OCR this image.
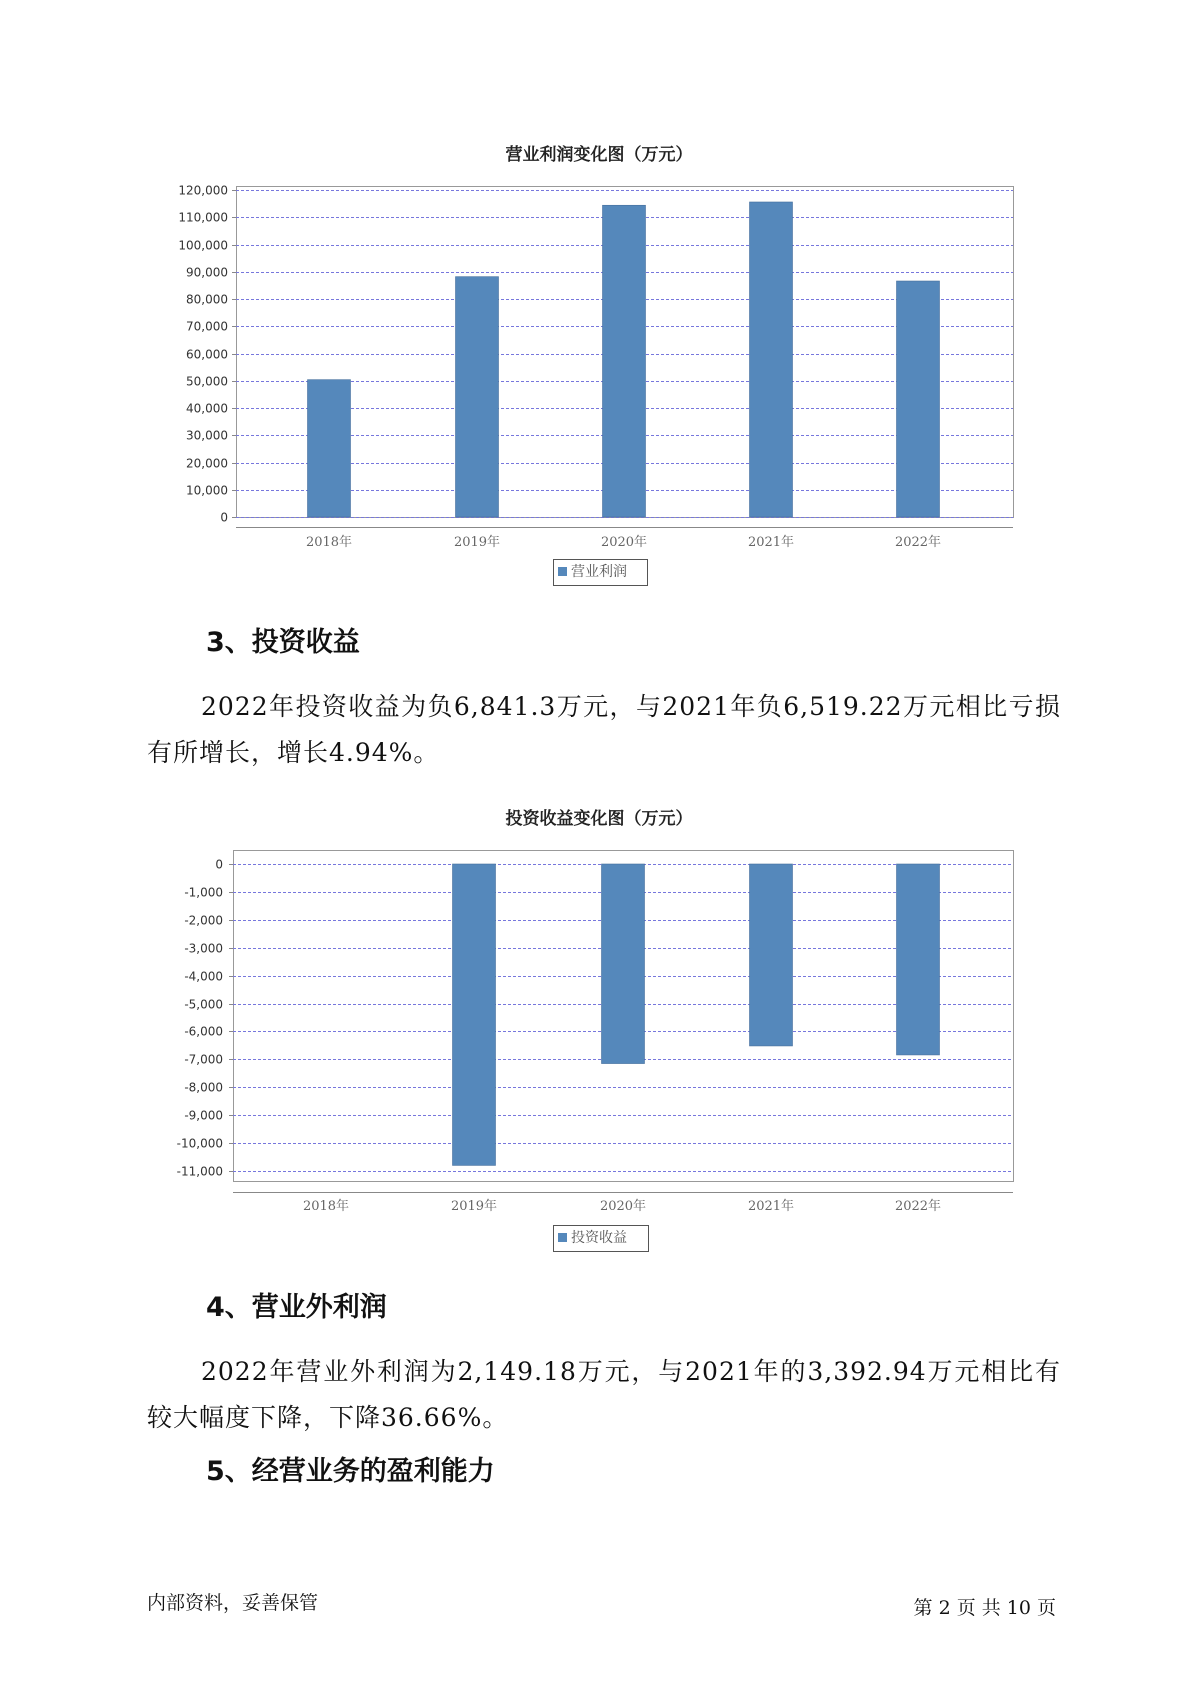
0
10,000
20,000
30,000
40,000
50,000
60,000
70,000
80,000
90,000
100,000
110,000
120,000
2018年	2019年	2020年	2021年	2022年
-11,000
-10,000
-9,000
-8,000
-7,000
-6,000
-5,000
-4,000
-3,000
-2,000
-1,000
0
2018年	2019年	2020年	2021年	2022年
营业利润变化图（万元）
营业利润
3、投资收益
2022年投资收益为负6,841.3万元，与2021年负6,519.22万元相比亏损
有所增长，增长4.94%。
投资收益变化图（万元）
投资收益
4、营业外利润
2022年营业外利润为2,149.18万元，与2021年的3,392.94万元相比有
较大幅度下降，下降36.66%。
5、经营业务的盈利能力
内部资料，妥善保管	第 2 页 共 10 页
